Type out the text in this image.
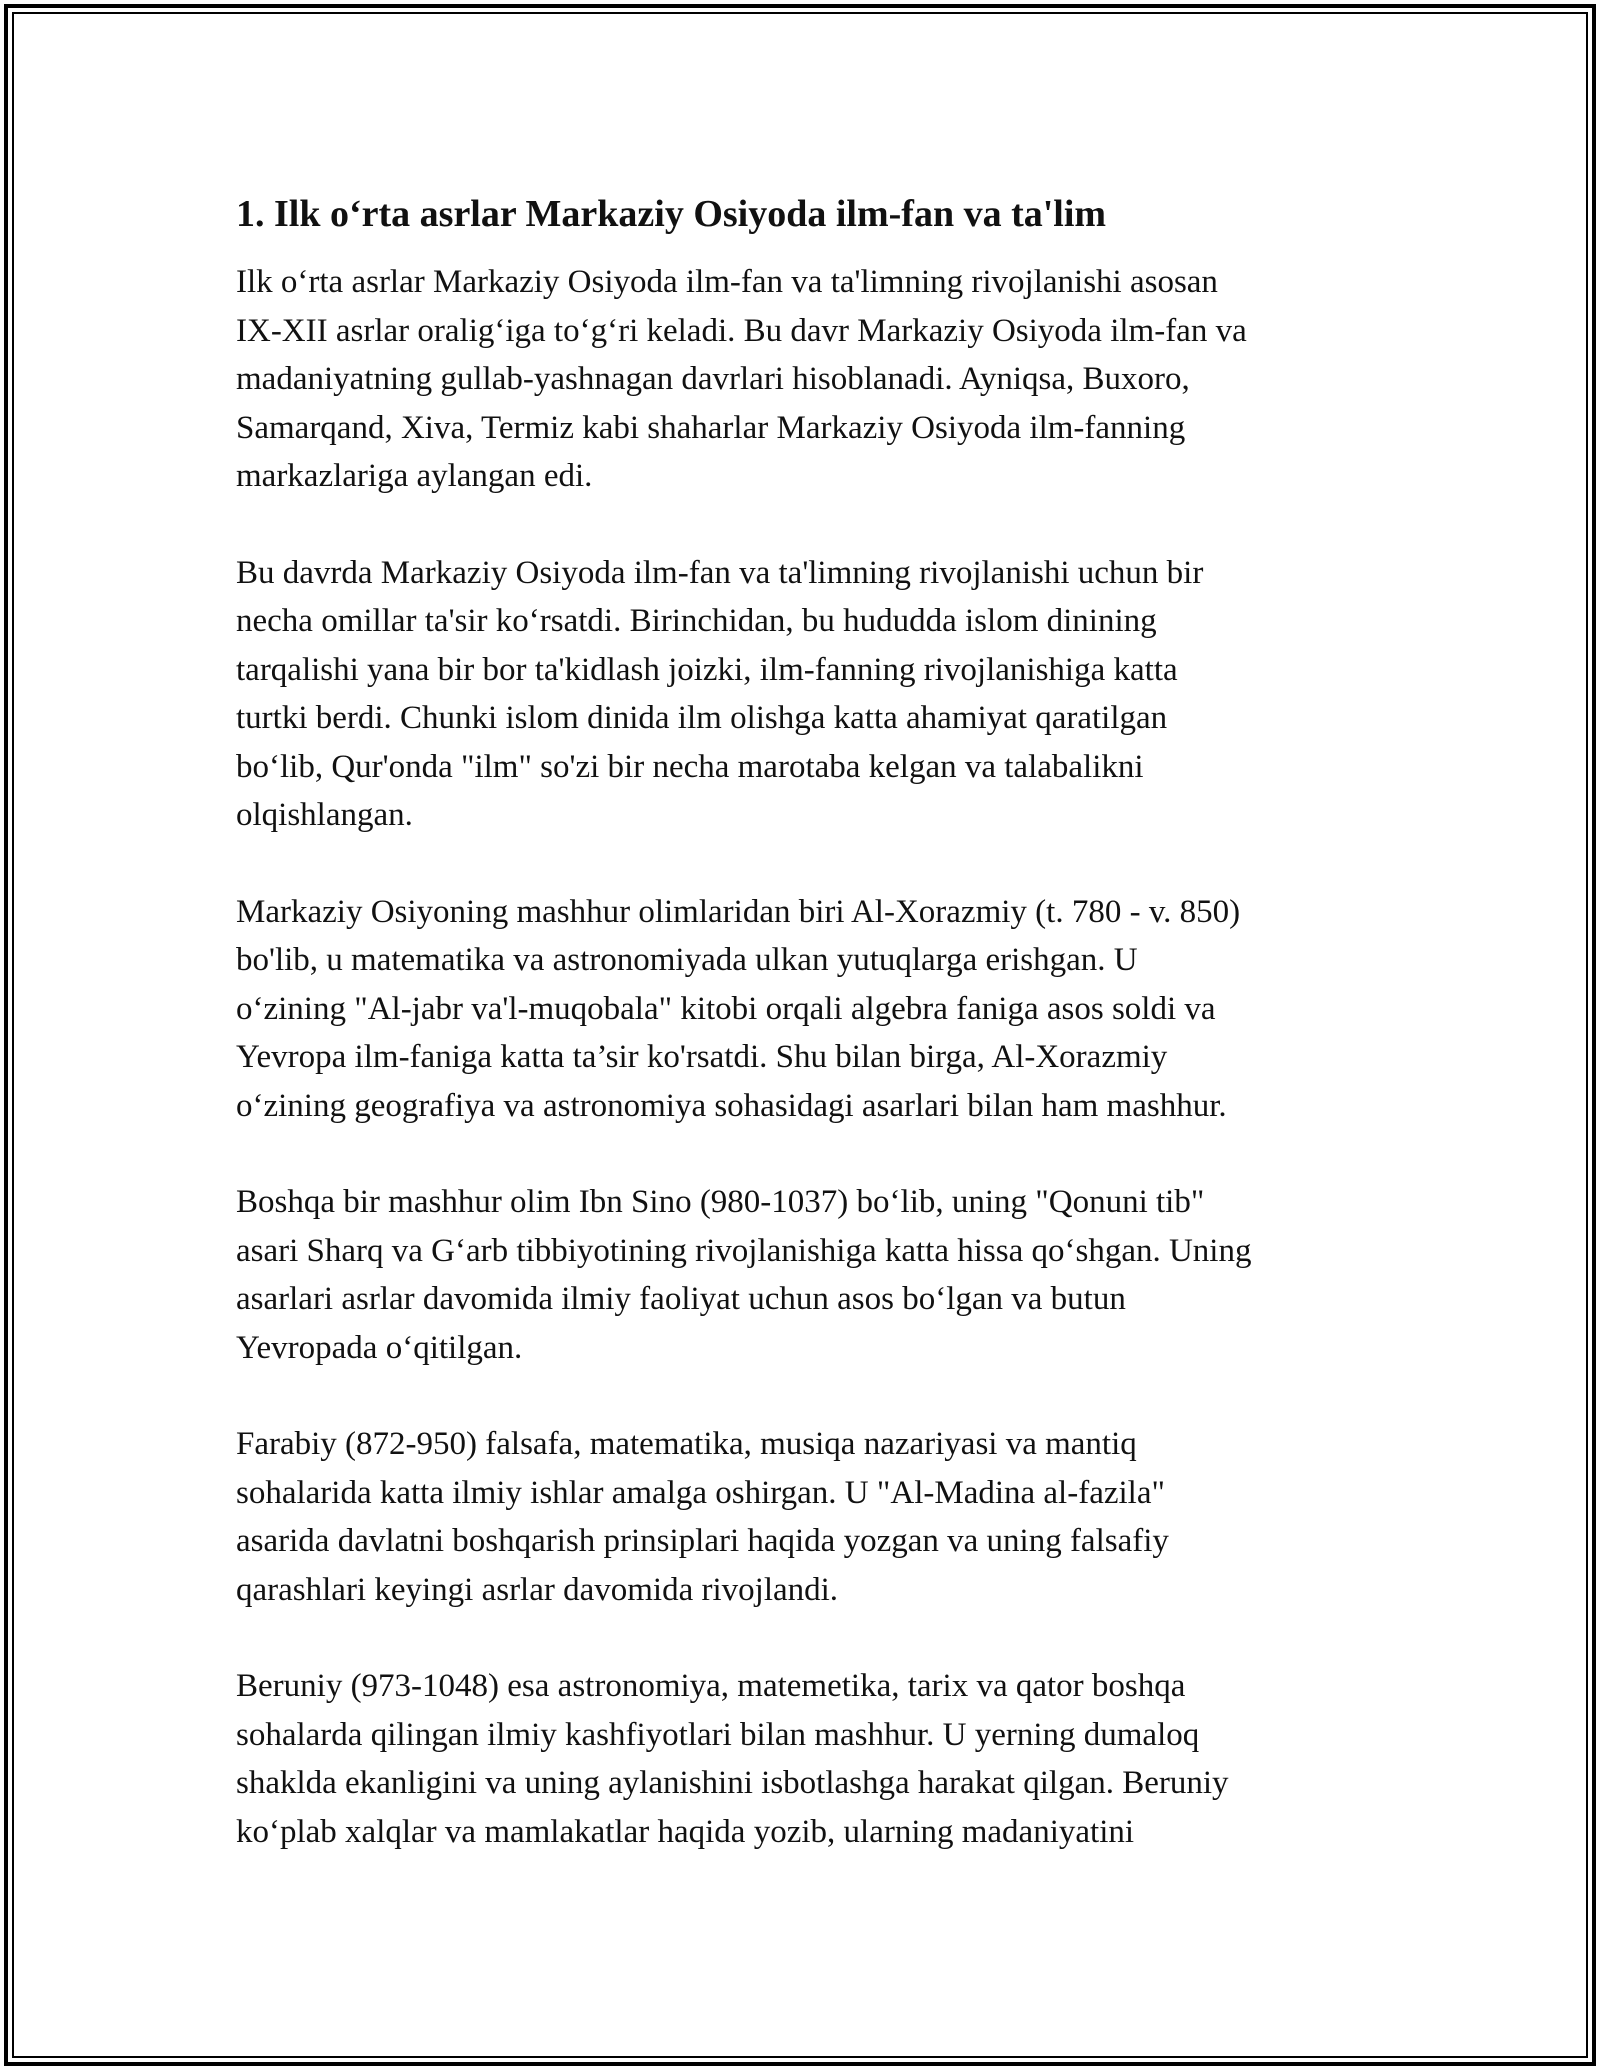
1. Ilk o‘rta asrlar Markaziy Osiyoda ilm-fan va ta'lim

Ilk o‘rta asrlar Markaziy Osiyoda ilm-fan va ta'limning rivojlanishi asosan
IX-XII asrlar oralig‘iga to‘g‘ri keladi. Bu davr Markaziy Osiyoda ilm-fan va
madaniyatning gullab-yashnagan davrlari hisoblanadi. Ayniqsa, Buxoro,
Samarqand, Xiva, Termiz kabi shaharlar Markaziy Osiyoda ilm-fanning
markazlariga aylangan edi.

Bu davrda Markaziy Osiyoda ilm-fan va ta'limning rivojlanishi uchun bir
necha omillar ta'sir ko‘rsatdi. Birinchidan, bu hududda islom dinining
tarqalishi yana bir bor ta'kidlash joizki, ilm-fanning rivojlanishiga katta
turtki berdi. Chunki islom dinida ilm olishga katta ahamiyat qaratilgan
bo‘lib, Qur'onda "ilm" so'zi bir necha marotaba kelgan va talabalikni
olqishlangan.

Markaziy Osiyoning mashhur olimlaridan biri Al-Xorazmiy (t. 780 - v. 850)
bo'lib, u matematika va astronomiyada ulkan yutuqlarga erishgan. U
o‘zining "Al-jabr va'l-muqobala" kitobi orqali algebra faniga asos soldi va
Yevropa ilm-faniga katta ta’sir ko'rsatdi. Shu bilan birga, Al-Xorazmiy
o‘zining geografiya va astronomiya sohasidagi asarlari bilan ham mashhur.

Boshqa bir mashhur olim Ibn Sino (980-1037) bo‘lib, uning "Qonuni tib"
asari Sharq va G‘arb tibbiyotining rivojlanishiga katta hissa qo‘shgan. Uning
asarlari asrlar davomida ilmiy faoliyat uchun asos bo‘lgan va butun
Yevropada o‘qitilgan.

Farabiy (872-950) falsafa, matematika, musiqa nazariyasi va mantiq
sohalarida katta ilmiy ishlar amalga oshirgan. U "Al-Madina al-fazila"
asarida davlatni boshqarish prinsiplari haqida yozgan va uning falsafiy
qarashlari keyingi asrlar davomida rivojlandi.

Beruniy (973-1048) esa astronomiya, matemetika, tarix va qator boshqa
sohalarda qilingan ilmiy kashfiyotlari bilan mashhur. U yerning dumaloq
shaklda ekanligini va uning aylanishini isbotlashga harakat qilgan. Beruniy
ko‘plab xalqlar va mamlakatlar haqida yozib, ularning madaniyatini
